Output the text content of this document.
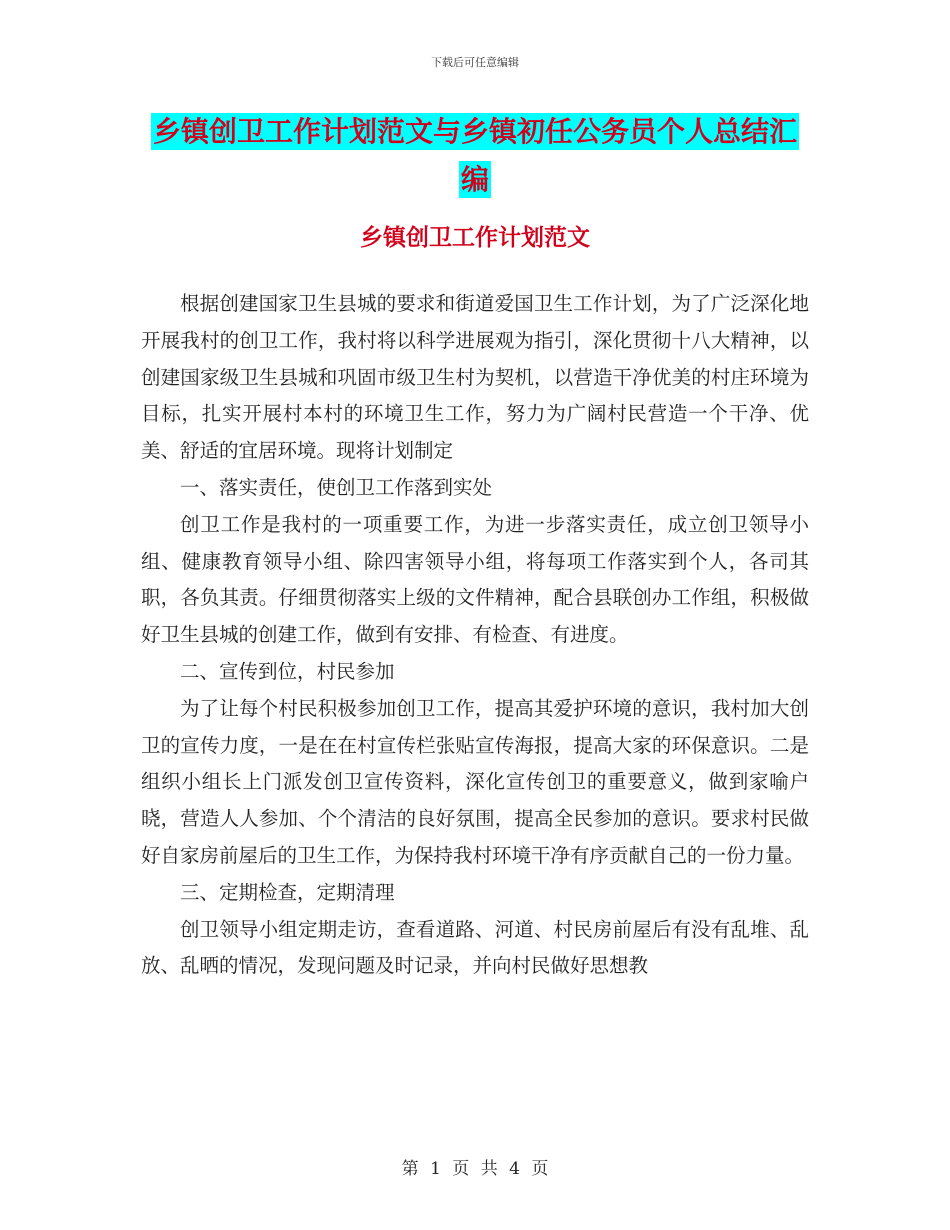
下载后可任意编辑
乡镇创卫工作计划范文与乡镇初任公务员个人总结汇
编
乡镇创卫工作计划范文

根据创建国家卫生县城的要求和街道爱国卫生工作计划，为了广泛深化地开展我村的创卫工作，我村将以科学进展观为指引，深化贯彻十八大精神，以创建国家级卫生县城和巩固市级卫生村为契机，以营造干净优美的村庄环境为目标，扎实开展村本村的环境卫生工作，努力为广阔村民营造一个干净、优美、舒适的宜居环境。现将计划制定

一、落实责任，使创卫工作落到实处

创卫工作是我村的一项重要工作，为进一步落实责任，成立创卫领导小组、健康教育领导小组、除四害领导小组，将每项工作落实到个人，各司其职，各负其责。仔细贯彻落实上级的文件精神，配合县联创办工作组，积极做好卫生县城的创建工作，做到有安排、有检查、有进度。

二、宣传到位，村民参加

为了让每个村民积极参加创卫工作，提高其爱护环境的意识，我村加大创卫的宣传力度，一是在在村宣传栏张贴宣传海报，提高大家的环保意识。二是组织小组长上门派发创卫宣传资料，深化宣传创卫的重要意义，做到家喻户晓，营造人人参加、个个清洁的良好氛围，提高全民参加的意识。要求村民做好自家房前屋后的卫生工作，为保持我村环境干净有序贡献自己的一份力量。

三、定期检查，定期清理

创卫领导小组定期走访，查看道路、河道、村民房前屋后有没有乱堆、乱放、乱晒的情况，发现问题及时记录，并向村民做好思想教

第 1 页 共 4 页
